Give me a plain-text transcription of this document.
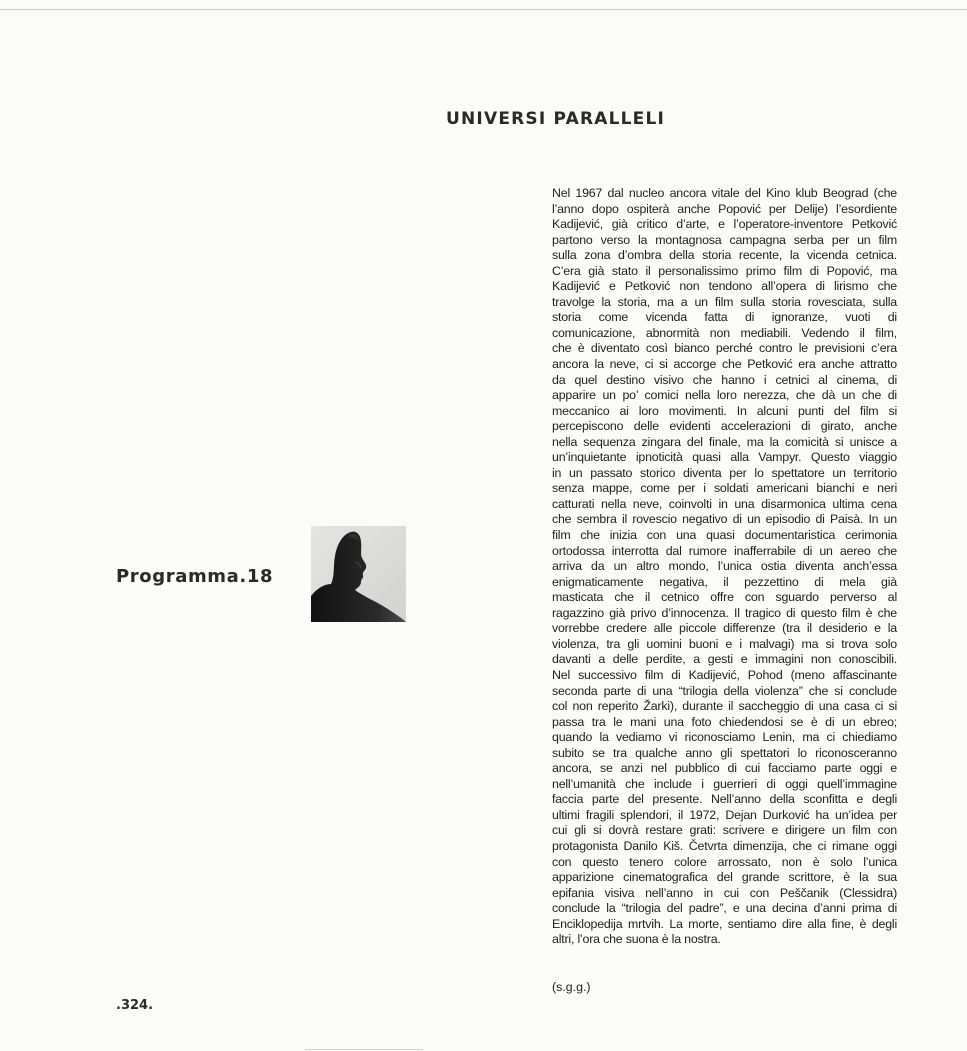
UNIVERSI PARALLELI
Programma.18
Nel 1967 dal nucleo ancora vitale del Kino klub Beograd (che
l’anno dopo ospiterà anche Popović per Delije) l’esordiente
Kadijević, già critico d’arte, e l’operatore-inventore Petković
partono verso la montagnosa campagna serba per un film
sulla zona d’ombra della storia recente, la vicenda cetnica.
C’era già stato il personalissimo primo film di Popović, ma
Kadijević e Petković non tendono all’opera di lirismo che
travolge la storia, ma a un film sulla storia rovesciata, sulla
storia come vicenda fatta di ignoranze, vuoti di
comunicazione, abnormità non mediabili. Vedendo il film,
che è diventato così bianco perché contro le previsioni c’era
ancora la neve, ci si accorge che Petković era anche attratto
da quel destino visivo che hanno i cetnici al cinema, di
apparire un po’ comici nella loro nerezza, che dà un che di
meccanico ai loro movimenti. In alcuni punti del film si
percepiscono delle evidenti accelerazioni di girato, anche
nella sequenza zingara del finale, ma la comicità si unisce a
un’inquietante ipnoticità quasi alla Vampyr. Questo viaggio
in un passato storico diventa per lo spettatore un territorio
senza mappe, come per i soldati americani bianchi e neri
catturati nella neve, coinvolti in una disarmonica ultima cena
che sembra il rovescio negativo di un episodio di Paisà. In un
film che inizia con una quasi documentaristica cerimonia
ortodossa interrotta dal rumore inafferrabile di un aereo che
arriva da un altro mondo, l’unica ostia diventa anch’essa
enigmaticamente negativa, il pezzettino di mela già
masticata che il cetnico offre con sguardo perverso al
ragazzino già privo d’innocenza. Il tragico di questo film è che
vorrebbe credere alle piccole differenze (tra il desiderio e la
violenza, tra gli uomini buoni e i malvagi) ma si trova solo
davanti a delle perdite, a gesti e immagini non conoscibili.
Nel successivo film di Kadijević, Pohod (meno affascinante
seconda parte di una “trilogia della violenza” che si conclude
col non reperito Žarki), durante il saccheggio di una casa ci si
passa tra le mani una foto chiedendosi se è di un ebreo;
quando la vediamo vi riconosciamo Lenin, ma ci chiediamo
subito se tra qualche anno gli spettatori lo riconosceranno
ancora, se anzi nel pubblico di cui facciamo parte oggi e
nell’umanità che include i guerrieri di oggi quell’immagine
faccia parte del presente. Nell’anno della sconfitta e degli
ultimi fragili splendori, il 1972, Dejan Durković ha un’idea per
cui gli si dovrà restare grati: scrivere e dirigere un film con
protagonista Danilo Kiš. Četvrta dimenzija, che ci rimane oggi
con questo tenero colore arrossato, non è solo l’unica
apparizione cinematografica del grande scrittore, è la sua
epifania visiva nell’anno in cui con Peščanik (Clessidra)
conclude la “trilogia del padre”, e una decina d’anni prima di
Enciklopedija mrtvih. La morte, sentiamo dire alla fine, è degli
altri, l’ora che suona è la nostra.
(s.g.g.)
.324.
